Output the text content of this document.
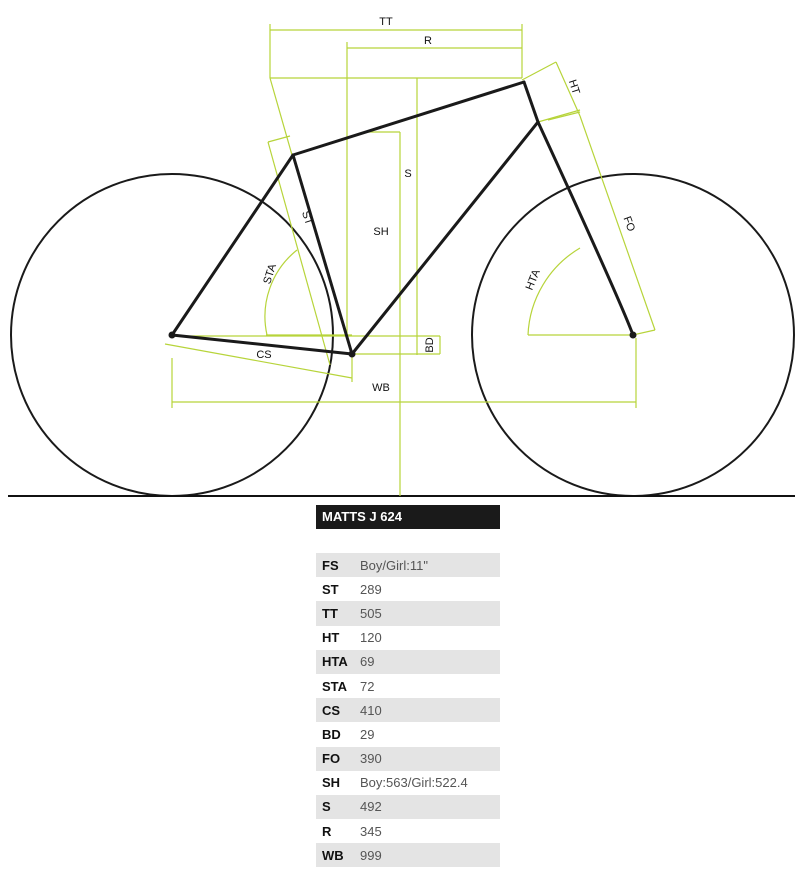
TT
R
HT
S
ST
SH
STA	HTA
FO
BD
CS
WB
MATTS J 624
FS	Boy/Girl:11"
ST	289
TT	505
HT	120
HTA 69
STA 72
CS	410
BD	29
FO	390
SH	Boy:563/Girl:522.4
S	492
R	345
WB	999
